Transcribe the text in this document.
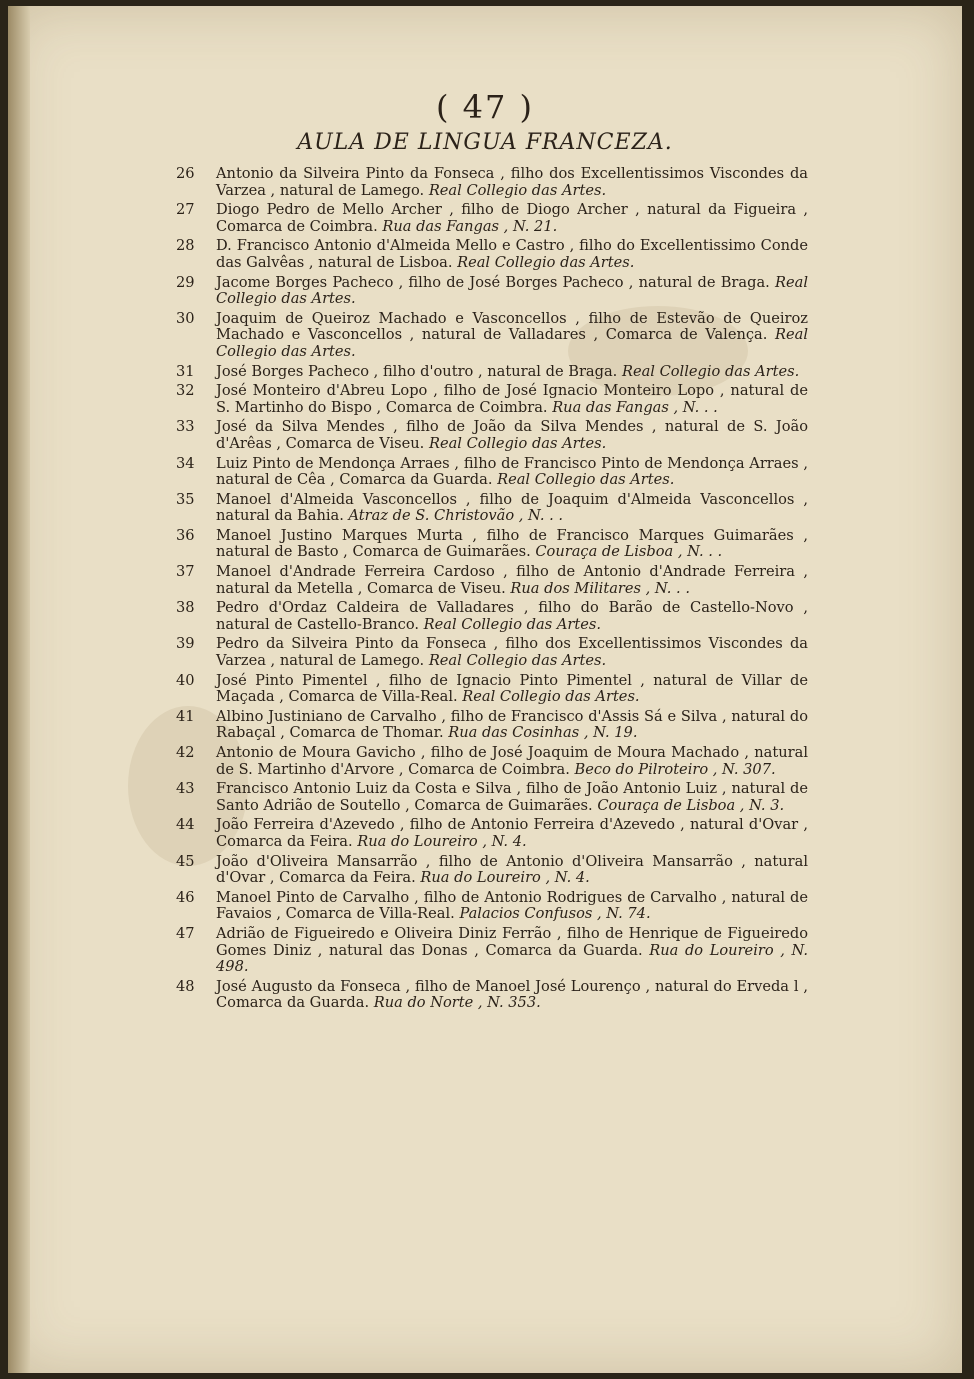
( 47 )
AULA DE LINGUA FRANCEZA.
26	Antonio da Silveira Pinto da Fonseca , filho dos Excellentissimos Viscondes da Varzea , natural de Lamego. Real Collegio das Artes.
27	Diogo Pedro de Mello Archer , filho de Diogo Archer , natural da Figueira , Comarca de Coimbra. Rua das Fangas , N. 21.
28	D. Francisco Antonio d'Almeida Mello e Castro , filho do Excellentissimo Conde das Galvêas , natural de Lisboa. Real Collegio das Artes.
29	Jacome Borges Pacheco , filho de José Borges Pacheco , natural de Braga. Real Collegio das Artes.
30	Joaquim de Queiroz Machado e Vasconcellos , filho de Estevão de Queiroz Machado e Vasconcellos , natural de Valladares , Comarca de Valença. Real Collegio das Artes.
31	José Borges Pacheco , filho d'outro , natural de Braga. Real Collegio das Artes.
32	José Monteiro d'Abreu Lopo , filho de José Ignacio Monteiro Lopo , natural de S. Martinho do Bispo , Comarca de Coimbra. Rua das Fangas , N. . .
33	José da Silva Mendes , filho de João da Silva Mendes , natural de S. João d'Arêas , Comarca de Viseu. Real Collegio das Artes.
34	Luiz Pinto de Mendonça Arraes , filho de Francisco Pinto de Mendonça Arraes , natural de Cêa , Comarca da Guarda. Real Collegio das Artes.
35	Manoel d'Almeida Vasconcellos , filho de Joaquim d'Almeida Vasconcellos , natural da Bahia. Atraz de S. Christovão , N. . .
36	Manoel Justino Marques Murta , filho de Francisco Marques Guimarães , natural de Basto , Comarca de Guimarães. Couraça de Lisboa , N. . .
37	Manoel d'Andrade Ferreira Cardoso , filho de Antonio d'Andrade Ferreira , natural da Metella , Comarca de Viseu. Rua dos Militares , N. . .
38	Pedro d'Ordaz Caldeira de Valladares , filho do Barão de Castello-Novo , natural de Castello-Branco. Real Collegio das Artes.
39	Pedro da Silveira Pinto da Fonseca , filho dos Excellentissimos Viscondes da Varzea , natural de Lamego. Real Collegio das Artes.
40	José Pinto Pimentel , filho de Ignacio Pinto Pimentel , natural de Villar de Maçada , Comarca de Villa-Real. Real Collegio das Artes.
41	Albino Justiniano de Carvalho , filho de Francisco d'Assis Sá e Silva , natural do Rabaçal , Comarca de Thomar. Rua das Cosinhas , N. 19.
42	Antonio de Moura Gavicho , filho de José Joaquim de Moura Machado , natural de S. Martinho d'Arvore , Comarca de Coimbra. Beco do Pilroteiro , N. 307.
43	Francisco Antonio Luiz da Costa e Silva , filho de João Antonio Luiz , natural de Santo Adrião de Soutello , Comarca de Guimarães. Couraça de Lisboa , N. 3.
44	João Ferreira d'Azevedo , filho de Antonio Ferreira d'Azevedo , natural d'Ovar , Comarca da Feira. Rua do Loureiro , N. 4.
45	João d'Oliveira Mansarrão , filho de Antonio d'Oliveira Mansarrão , natural d'Ovar , Comarca da Feira. Rua do Loureiro , N. 4.
46	Manoel Pinto de Carvalho , filho de Antonio Rodrigues de Carvalho , natural de Favaios , Comarca de Villa-Real. Palacios Confusos , N. 74.
47	Adrião de Figueiredo e Oliveira Diniz Ferrão , filho de Henrique de Figueiredo Gomes Diniz , natural das Donas , Comarca da Guarda. Rua do Loureiro , N. 498.
48	José Augusto da Fonseca , filho de Manoel José Lourenço , natural do Erveda l , Comarca da Guarda. Rua do Norte , N. 353.
